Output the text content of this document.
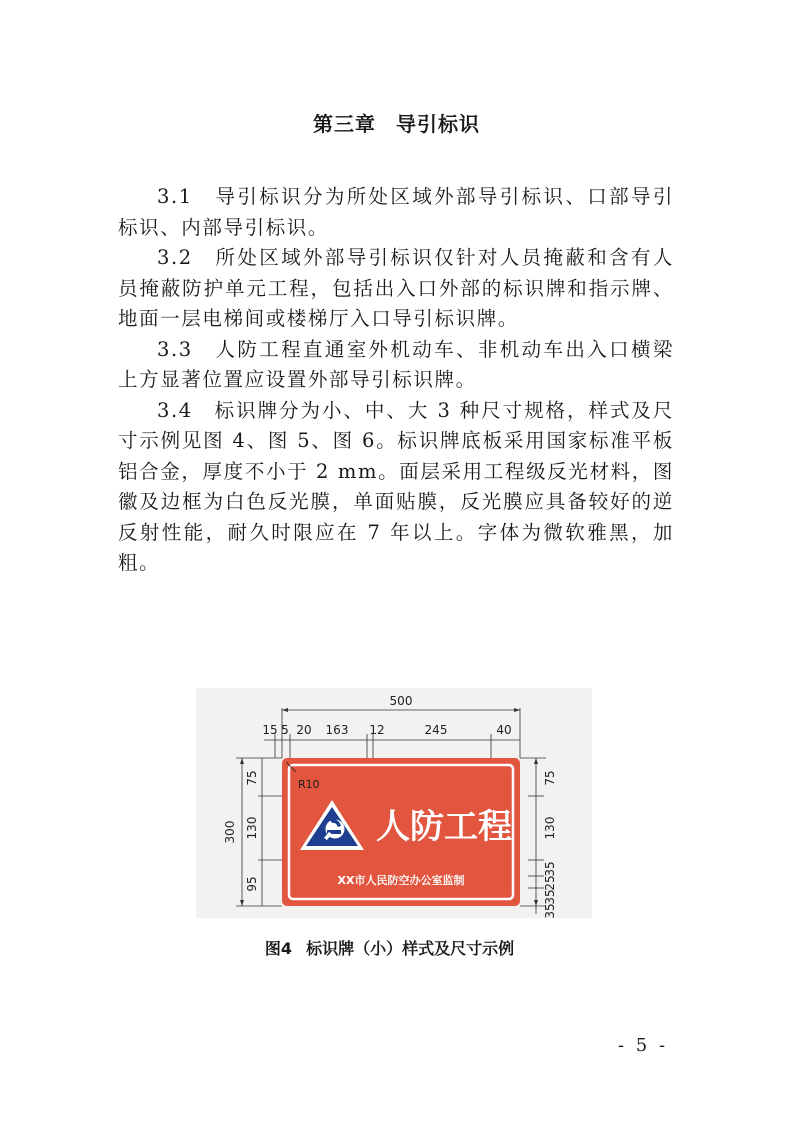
第三章 导引标识

3.1　导引标识分为所处区域外部导引标识、口部导引标识、内部导引标识。

3.2　所处区域外部导引标识仅针对人员掩蔽和含有人员掩蔽防护单元工程，包括出入口外部的标识牌和指示牌、地面一层电梯间或楼梯厅入口导引标识牌。

3.3　人防工程直通室外机动车、非机动车出入口横梁上方显著位置应设置外部导引标识牌。

3.4　标识牌分为小、中、大 3 种尺寸规格，样式及尺寸示例见图 4、图 5、图 6。标识牌底板采用国家标准平板铝合金，厚度不小于 2 mm。面层采用工程级反光材料，图徽及边框为白色反光膜，单面贴膜，反光膜应具备较好的逆反射性能，耐久时限应在 7 年以上。字体为微软雅黑，加粗。

500
15 5 20 163 12	245	40
R10
300
75
130
95
75
130
35
25
35
35
人防工程
XX市人民防空办公室监制
图4 标识牌（小）样式及尺寸示例
- 5 -
